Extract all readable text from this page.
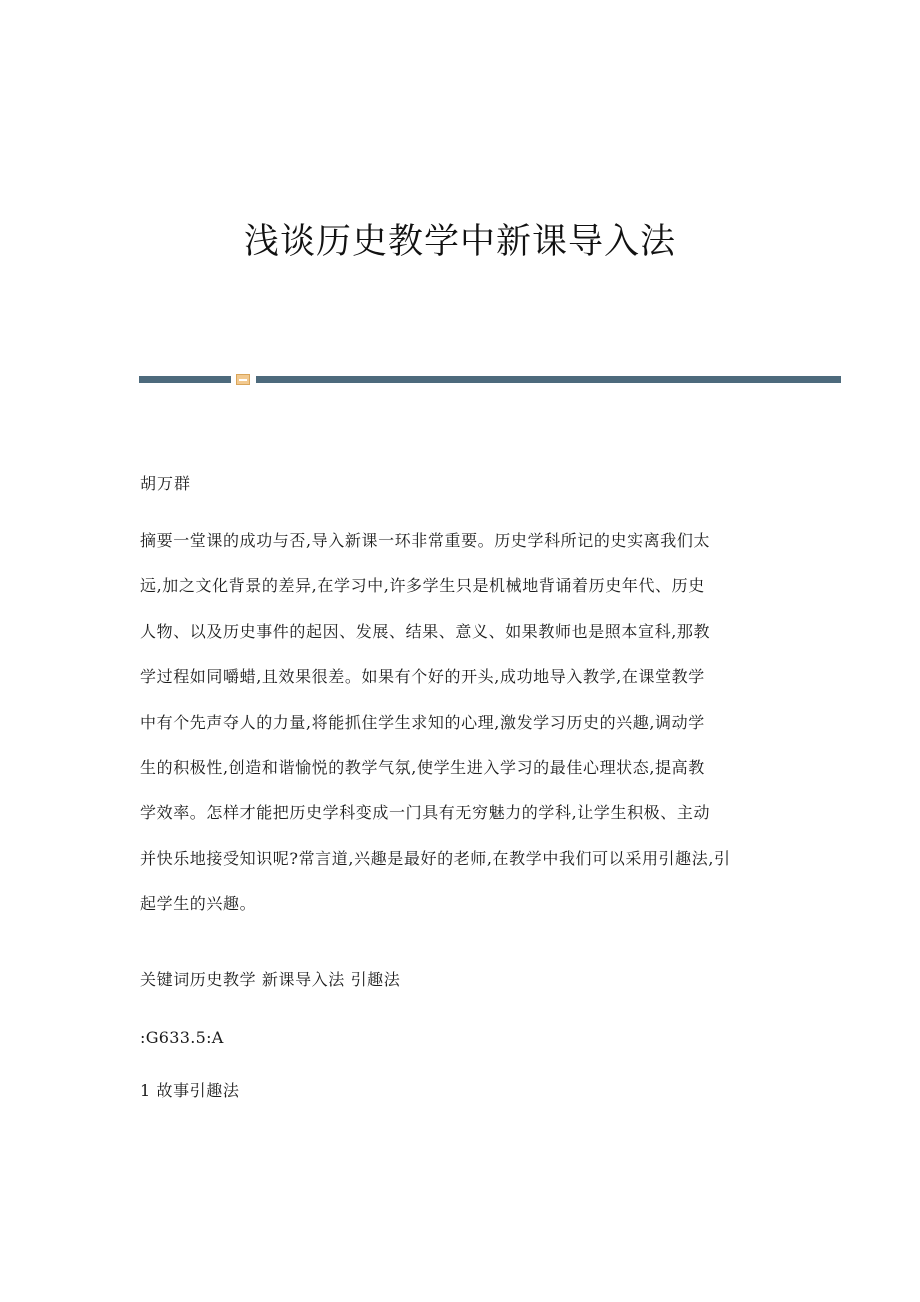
浅谈历史教学中新课导入法

胡万群

摘要一堂课的成功与否,导入新课一环非常重要。历史学科所记的史实离我们太
远,加之文化背景的差异,在学习中,许多学生只是机械地背诵着历史年代、历史
人物、以及历史事件的起因、发展、结果、意义、如果教师也是照本宣科,那教
学过程如同嚼蜡,且效果很差。如果有个好的开头,成功地导入教学,在课堂教学
中有个先声夺人的力量,将能抓住学生求知的心理,激发学习历史的兴趣,调动学
生的积极性,创造和谐愉悦的教学气氛,使学生进入学习的最佳心理状态,提高教
学效率。怎样才能把历史学科变成一门具有无穷魅力的学科,让学生积极、主动
并快乐地接受知识呢?常言道,兴趣是最好的老师,在教学中我们可以采用引趣法,引
起学生的兴趣。

关键词历史教学 新课导入法 引趣法

:G633.5:A

1 故事引趣法
